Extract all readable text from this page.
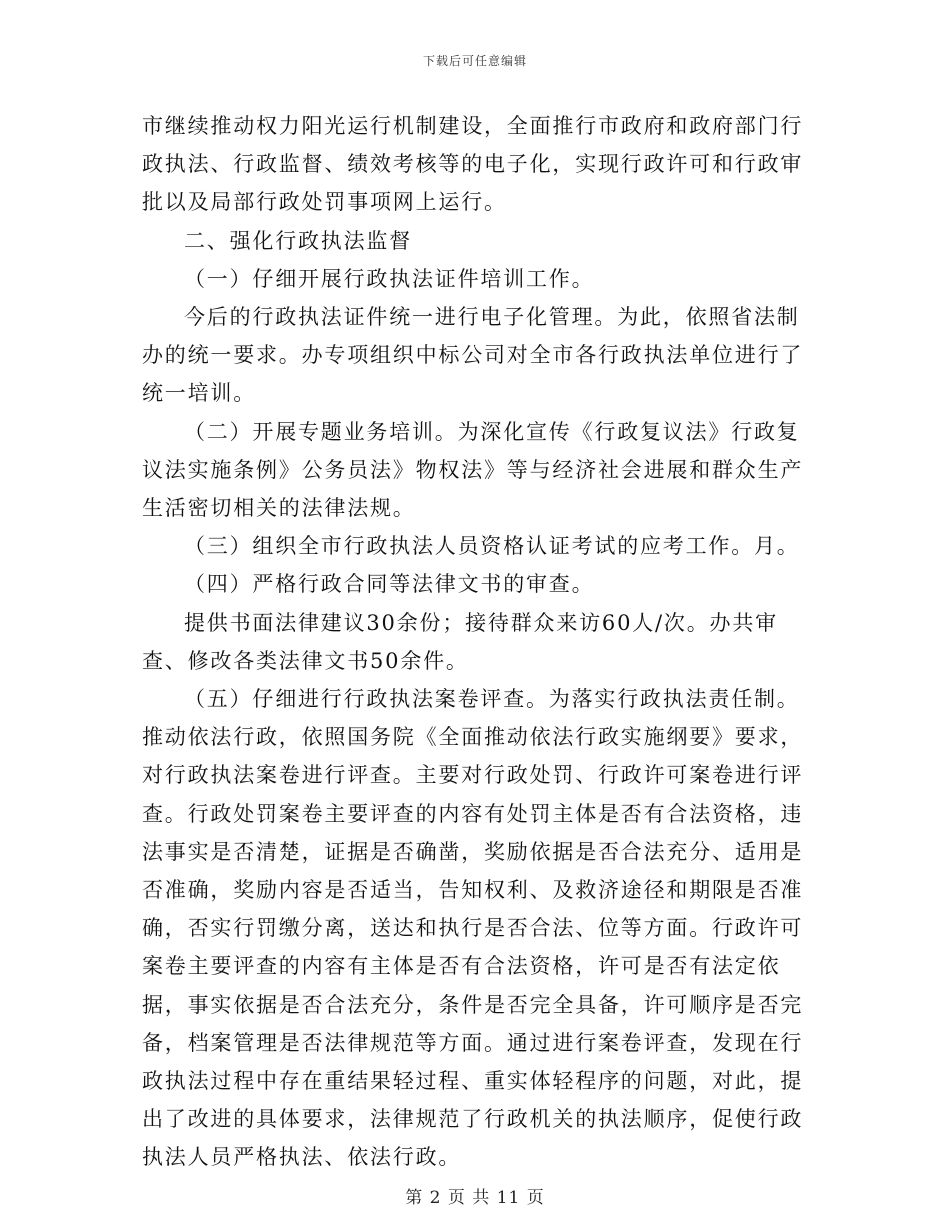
下载后可任意编辑

市继续推动权力阳光运行机制建设，全面推行市政府和政府部门行政执法、行政监督、绩效考核等的电子化，实现行政许可和行政审批以及局部行政处罚事项网上运行。

二、强化行政执法监督

（一）仔细开展行政执法证件培训工作。

今后的行政执法证件统一进行电子化管理。为此，依照省法制办的统一要求。办专项组织中标公司对全市各行政执法单位进行了统一培训。

（二）开展专题业务培训。为深化宣传《行政复议法》行政复议法实施条例》公务员法》物权法》等与经济社会进展和群众生产生活密切相关的法律法规。

（三）组织全市行政执法人员资格认证考试的应考工作。月。

（四）严格行政合同等法律文书的审查。

提供书面法律建议30余份；接待群众来访60人/次。办共审查、修改各类法律文书50余件。

（五）仔细进行行政执法案卷评查。为落实行政执法责任制。推动依法行政，依照国务院《全面推动依法行政实施纲要》要求，对行政执法案卷进行评查。主要对行政处罚、行政许可案卷进行评查。行政处罚案卷主要评查的内容有处罚主体是否有合法资格，违法事实是否清楚，证据是否确凿，奖励依据是否合法充分、适用是否准确，奖励内容是否适当，告知权利、及救济途径和期限是否准确，否实行罚缴分离，送达和执行是否合法、位等方面。行政许可案卷主要评查的内容有主体是否有合法资格，许可是否有法定依据，事实依据是否合法充分，条件是否完全具备，许可顺序是否完备，档案管理是否法律规范等方面。通过进行案卷评查，发现在行政执法过程中存在重结果轻过程、重实体轻程序的问题，对此，提出了改进的具体要求，法律规范了行政机关的执法顺序，促使行政执法人员严格执法、依法行政。

第 2 页 共 11 页
